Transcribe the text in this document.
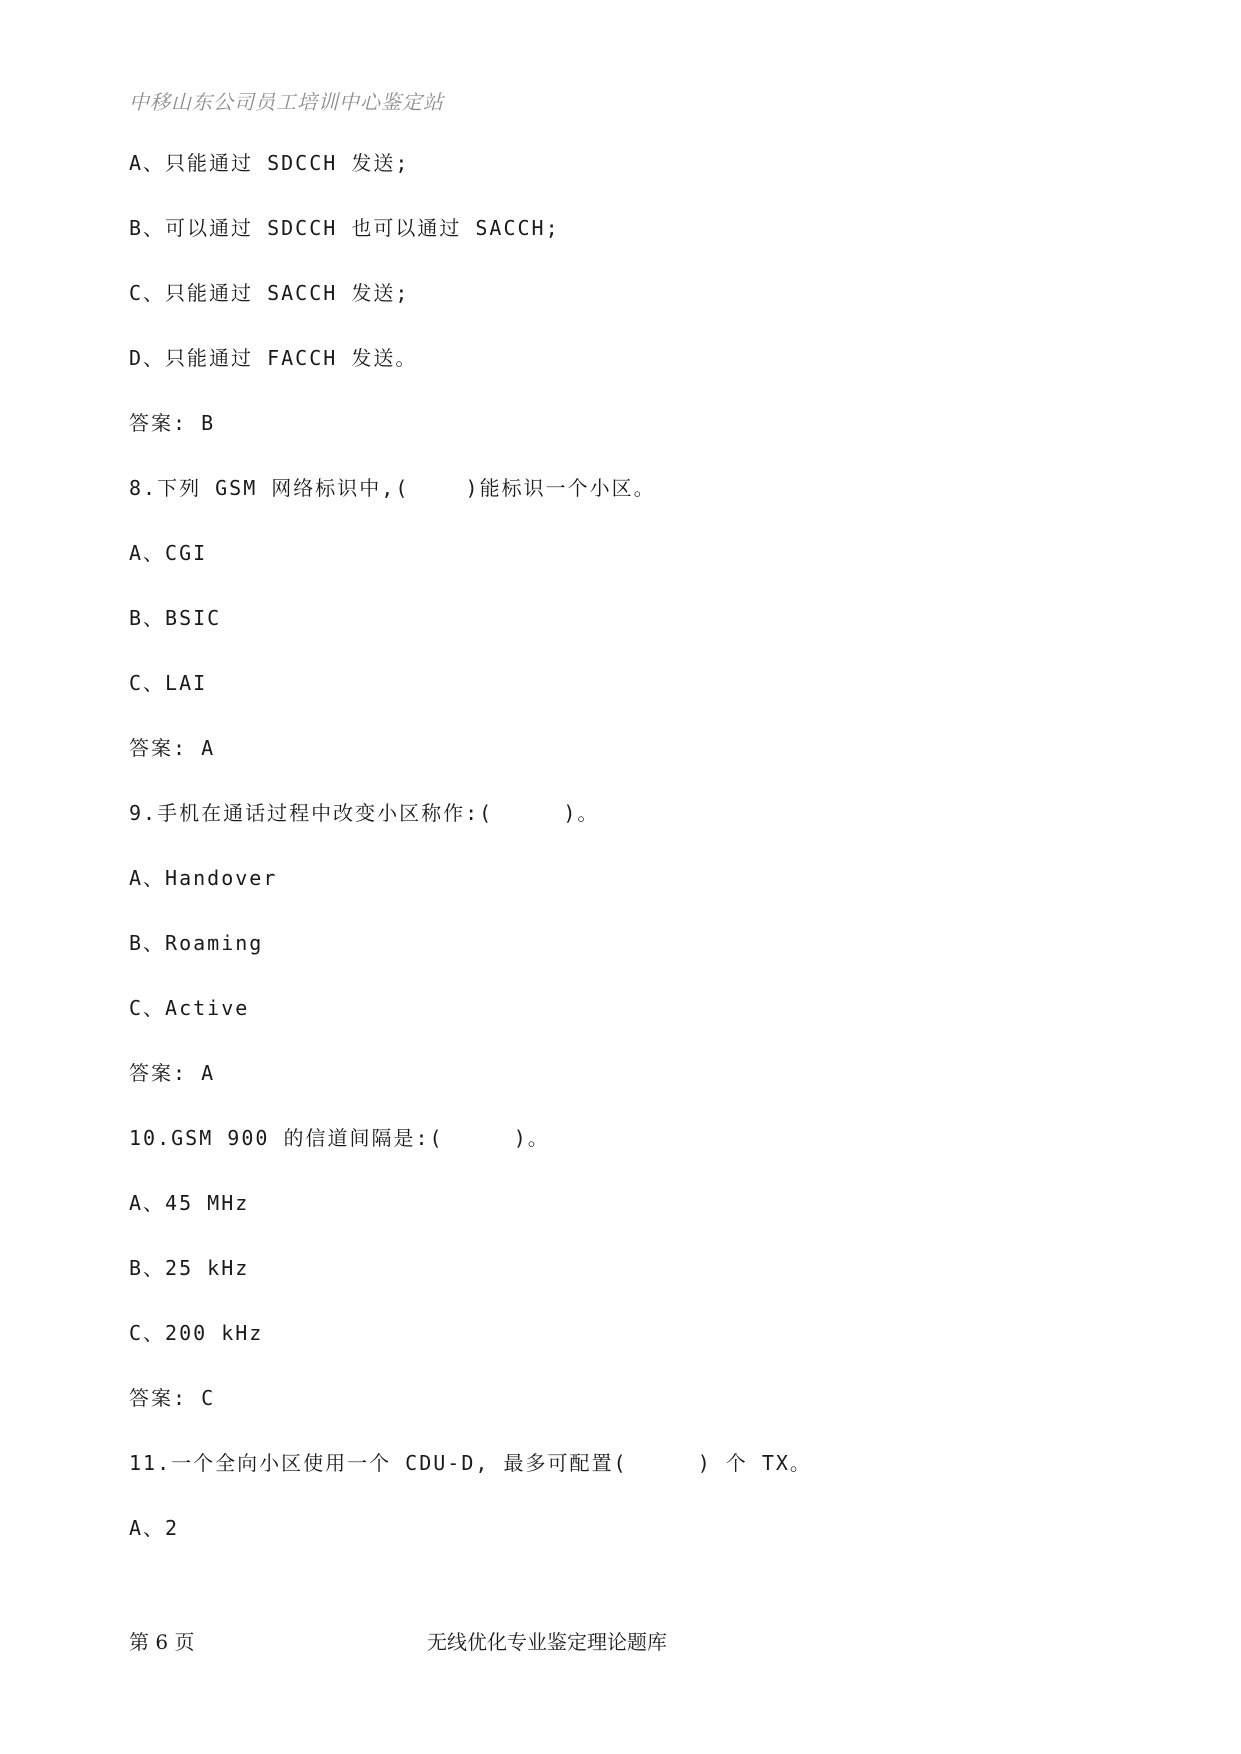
中移山东公司员工培训中心鉴定站
A、只能通过 SDCCH 发送;
B、可以通过 SDCCH 也可以通过 SACCH;
C、只能通过 SACCH 发送;
D、只能通过 FACCH 发送。
答案: B
8.下列 GSM 网络标识中,(    )能标识一个小区。
A、CGI
B、BSIC
C、LAI
答案: A
9.手机在通话过程中改变小区称作:(     )。
A、Handover
B、Roaming
C、Active
答案: A
10.GSM 900 的信道间隔是:(     )。
A、45 MHz
B、25 kHz
C、200 kHz
答案: C
11.一个全向小区使用一个 CDU-D, 最多可配置(     ) 个 TX。
A、2
第 6 页	无线优化专业鉴定理论题库
